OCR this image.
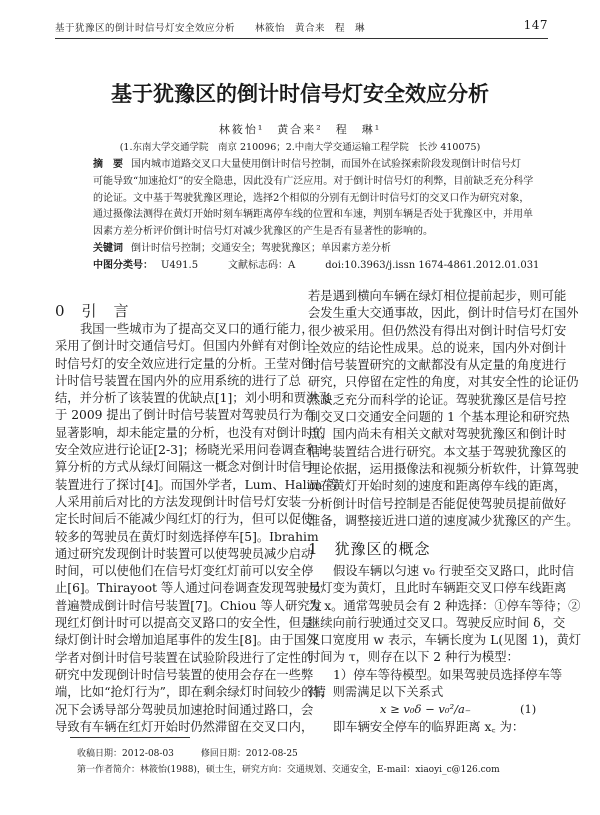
基于犹豫区的倒计时信号灯安全效应分析　　林筱怡　黄合来　程　琳	147
基于犹豫区的倒计时信号灯安全效应分析
林筱怡¹　黄合来²　程　琳¹
(1.东南大学交通学院　南京 210096；2.中南大学交通运输工程学院　长沙 410075)
摘　要 国内城市道路交叉口大量使用倒计时信号控制，而国外在试验探索阶段发现倒计时信号灯
可能导致“加速抢灯”的安全隐患，因此没有广泛应用。对于倒计时信号灯的利弊，目前缺乏充分科学
的论证。文中基于驾驶犹豫区理论，选择2个相似的分别有无倒计时信号灯的交叉口作为研究对象，
通过摄像法测得在黄灯开始时刻车辆距离停车线的位置和车速，判别车辆是否处于犹豫区中，并用单
因素方差分析评价倒计时信号灯对减少犹豫区的产生是否有显著性的影响的。
关键词 倒计时信号控制；交通安全；驾驶犹豫区；单因素方差分析
中图分类号： U491.5　　　文献标志码：A　　　doi:10.3963/j.issn 1674-4861.2012.01.031
0　引　言
我国一些城市为了提高交叉口的通行能力，
采用了倒计时交通信号灯。但国内外鲜有对倒计
时信号灯的安全效应进行定量的分析。王莹对倒
计时信号装置在国内外的应用系统的进行了总
结，并分析了该装置的优缺点[1]；刘小明和贾洪飞
于 2009 提出了倒计时信号装置对驾驶员行为有
显著影响，却未能定量的分析，也没有对倒计时的
安全效应进行论证[2-3]；杨晓光采用问卷调查和计
算分析的方式从绿灯间隔这一概念对倒计时信号
装置进行了探讨[4]。而国外学者，Lum、Halim 等
人采用前后对比的方法发现倒计时信号灯安装一
定长时间后不能减少闯红灯的行为，但可以促使
较多的驾驶员在黄灯时刻选择停车[5]。Ibrahim
通过研究发现倒计时装置可以使驾驶员减少启动
时间，可以使他们在信号灯变红灯前可以安全停
止[6]。Thirayoot 等人通过问卷调查发现驾驶员
普遍赞成倒计时信号装置[7]。Chiou 等人研究发
现红灯倒计时可以提高交叉路口的安全性，但是
绿灯倒计时会增加追尾事件的发生[8]。由于国外
学者对倒计时信号装置在试验阶段进行了定性的
研究中发现倒计时信号装置的使用会存在一些弊
端，比如“抢灯行为”，即在剩余绿灯时间较少的情
况下会诱导部分驾驶员加速抢时间通过路口，会
导致有车辆在红灯开始时仍然滞留在交叉口内，
若是遇到横向车辆在绿灯相位提前起步，则可能
会发生重大交通事故，因此，倒计时信号灯在国外
很少被采用。但仍然没有得出对倒计时信号灯安
全效应的结论性成果。总的说来，国内外对倒计
时信号装置研究的文献都没有从定量的角度进行
研究，只停留在定性的角度，对其安全性的论证仍
然缺乏充分而科学的论证。驾驶犹豫区是信号控
制交叉口交通安全问题的 1 个基本理论和研究热
点。国内尚未有相关文献对驾驶犹豫区和倒计时
信号装置结合进行研究。本文基于驾驶犹豫区的
理论依据，运用摄像法和视频分析软件，计算驾驶
员在黄灯开始时刻的速度和距离停车线的距离，
分析倒计时信号控制是否能促使驾驶员提前做好
准备，调整接近进口道的速度减少犹豫区的产生。
1　犹豫区的概念
假设车辆以匀速 v₀ 行驶至交叉路口，此时信
号灯变为黄灯，且此时车辆距交叉口停车线距离
为 x。通常驾驶员会有 2 种选择：①停车等待；②
继续向前行驶通过交叉口。驾驶反应时间 δ，交
叉口宽度用 w 表示，车辆长度为 L(见图 1)，黄灯
时间为 τ，则存在以下 2 种行为模型：
1）停车等待模型。如果驾驶员选择停车等
待，则需满足以下关系式
x ≥ v₀δ − v₀²/a₋	(1)
即车辆安全停车的临界距离 x꜀ 为：
收稿日期：2012-08-03　　　修回日期：2012-08-25
第一作者简介：林筱怡(1988)，硕士生，研究方向：交通规划、交通安全，E-mail：xiaoyi_c@126.com
